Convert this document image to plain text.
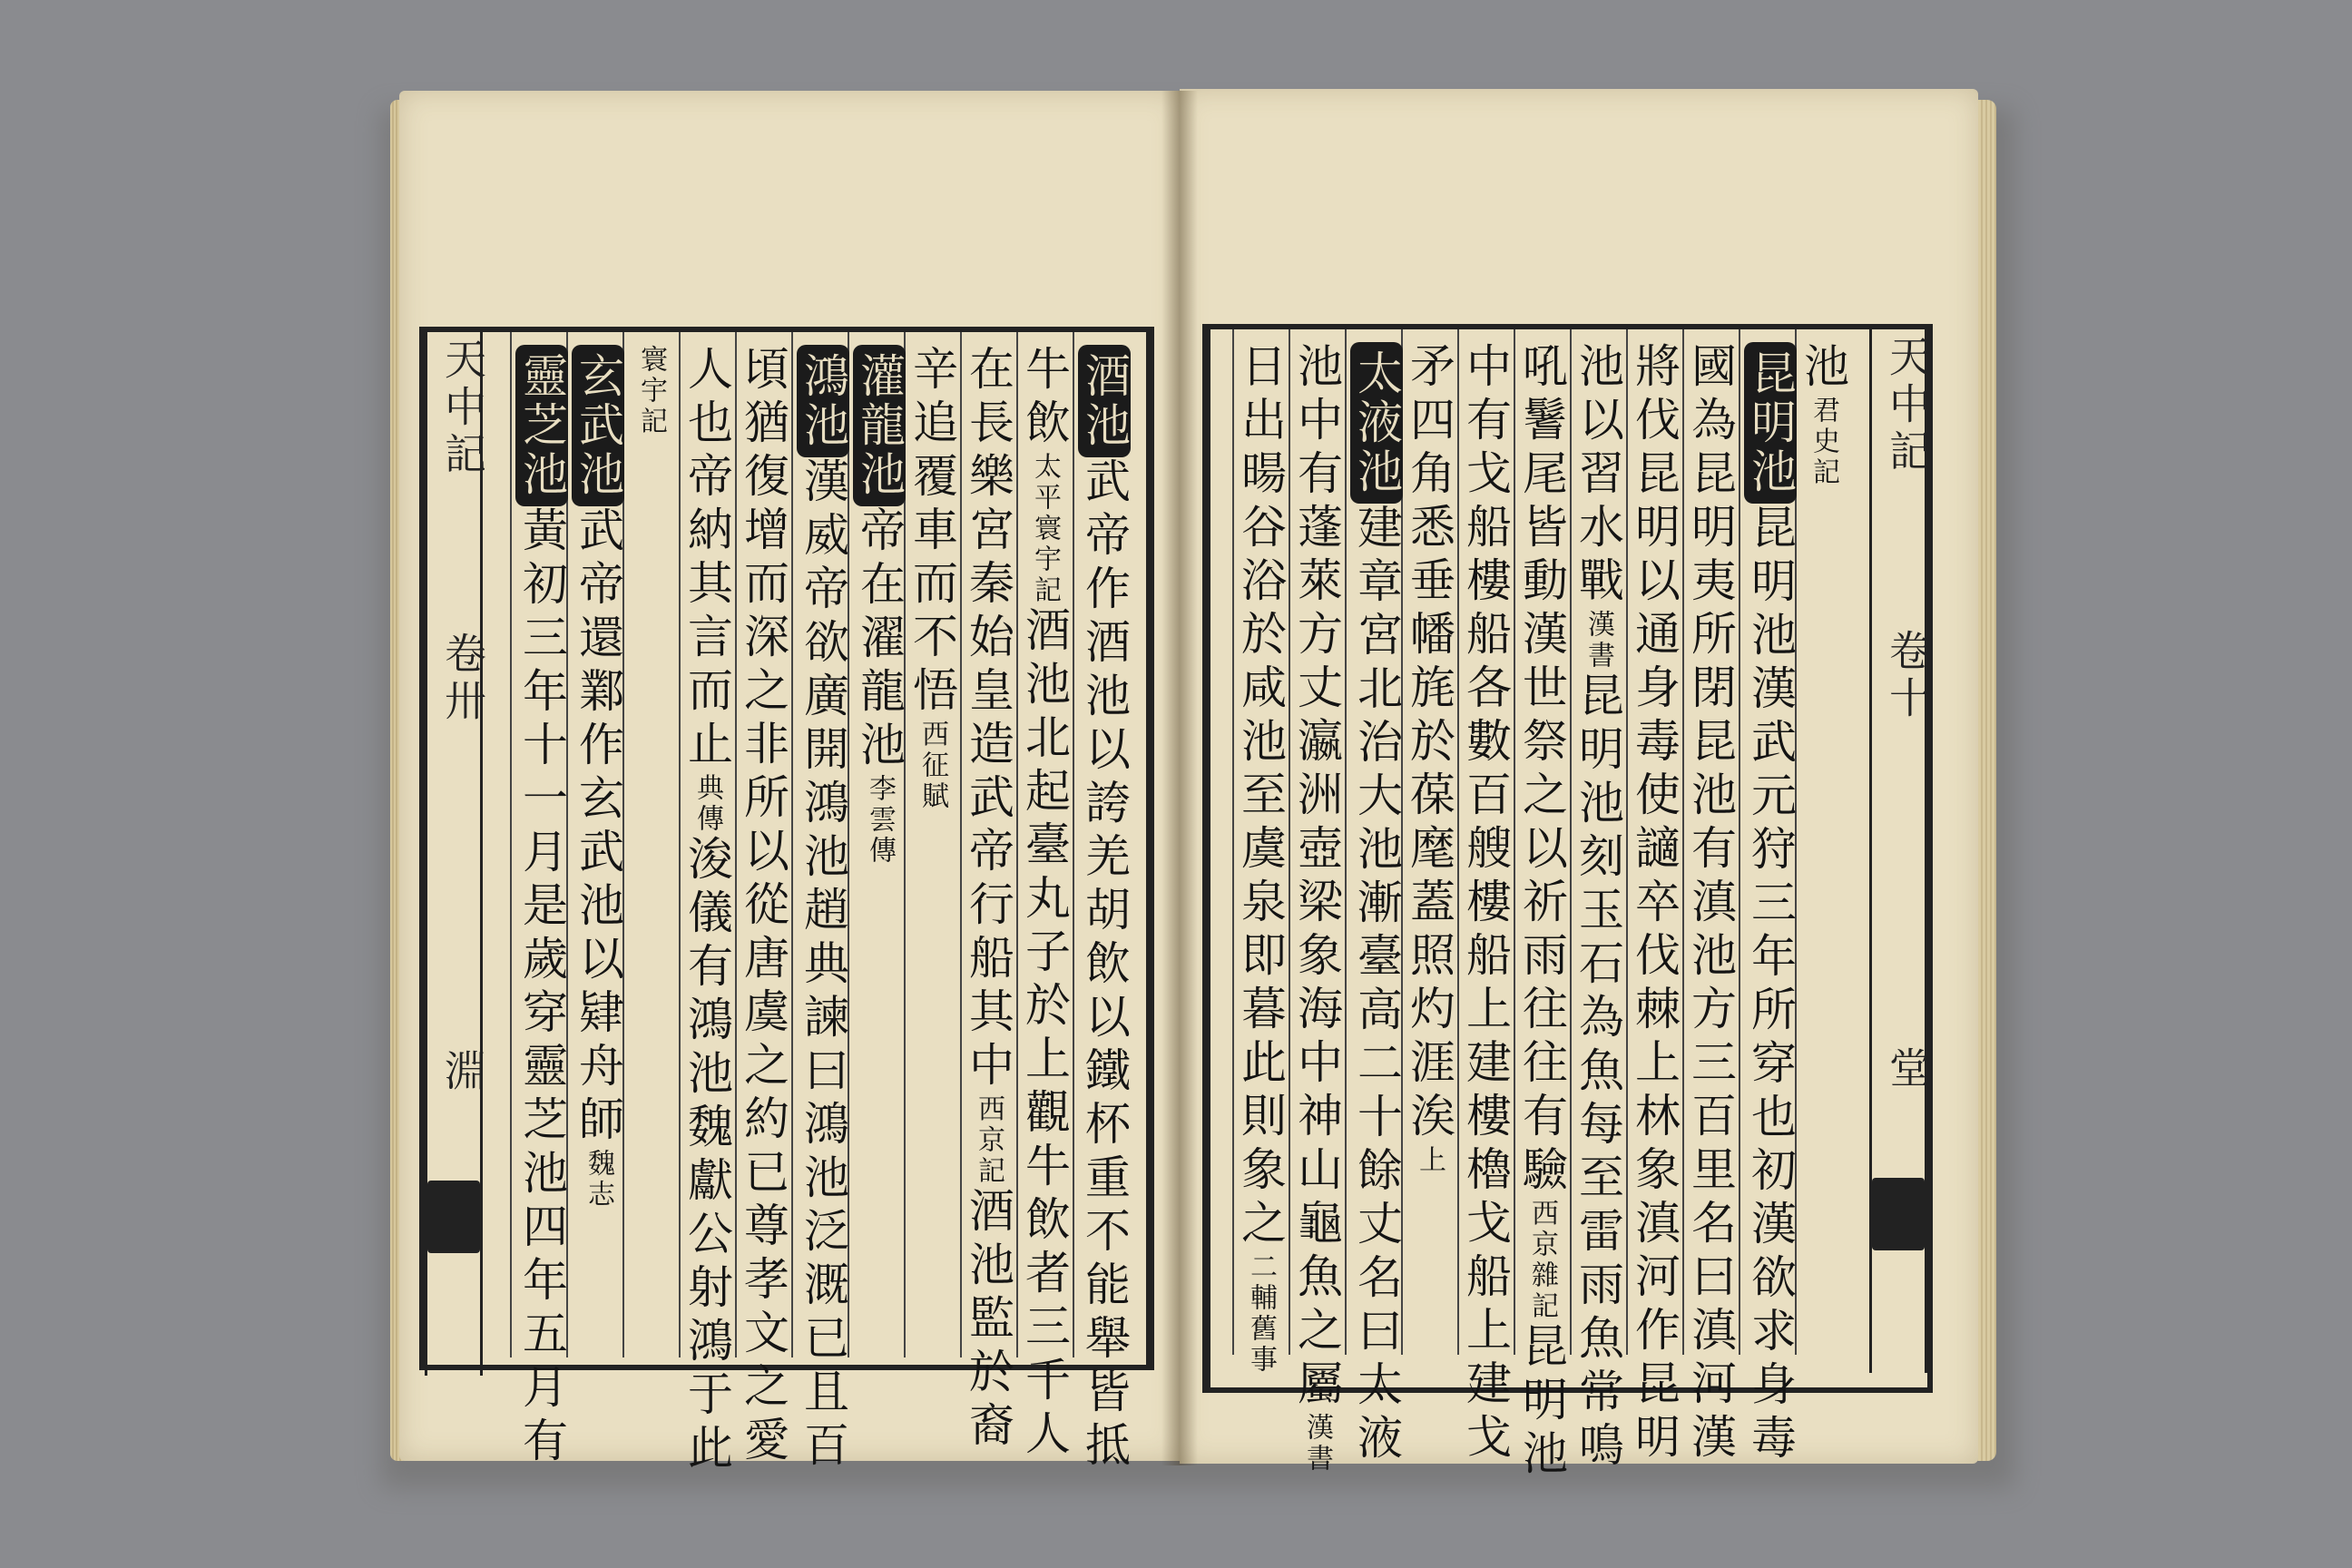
天中記
卷卅
淵
酒池武帝作酒池以誇羌胡飲以鐵杯重不能舉皆抵
牛飲太平寰宇記酒池北起臺丸子於上觀牛飲者三千人
在長樂宮秦始皇造武帝行船其中西京記酒池監於裔
辛追覆車而不悟西征賦
灌龍池帝在濯龍池李雲傳
鴻池漢威帝欲廣開鴻池趙典諫曰鴻池泛溉已且百
頃猶復增而深之非所以從唐虞之約已尊孝文之愛
人也帝納其言而止典傳浚儀有鴻池魏獻公射鴻于此
寰宇記
玄武池武帝還鄴作玄武池以肄舟師魏志
靈芝池黃初三年十一月是歲穿靈芝池四年五月有
池君史記
昆明池昆明池漢武元狩三年所穿也初漢欲求身毒
國為昆明夷所閉昆池有滇池方三百里名曰滇河漢
將伐昆明以通身毒使讁卒伐棘上林象滇河作昆明
池以習水戰漢書昆明池刻玉石為魚每至雷雨魚常鳴
吼鬐尾皆動漢世祭之以祈雨往往有驗西京雜記昆明池
中有戈船樓船各數百艘樓船上建樓櫓戈船上建戈
矛四角悉垂幡旄於葆麾蓋照灼涯涘上
太液池建章宮北治大池漸臺高二十餘丈名曰太液
池中有蓬萊方丈瀛洲壺梁象海中神山龜魚之屬漢書
日出暘谷浴於咸池至虞泉即暮此則象之二輔舊事
天中記
卷十
堂
